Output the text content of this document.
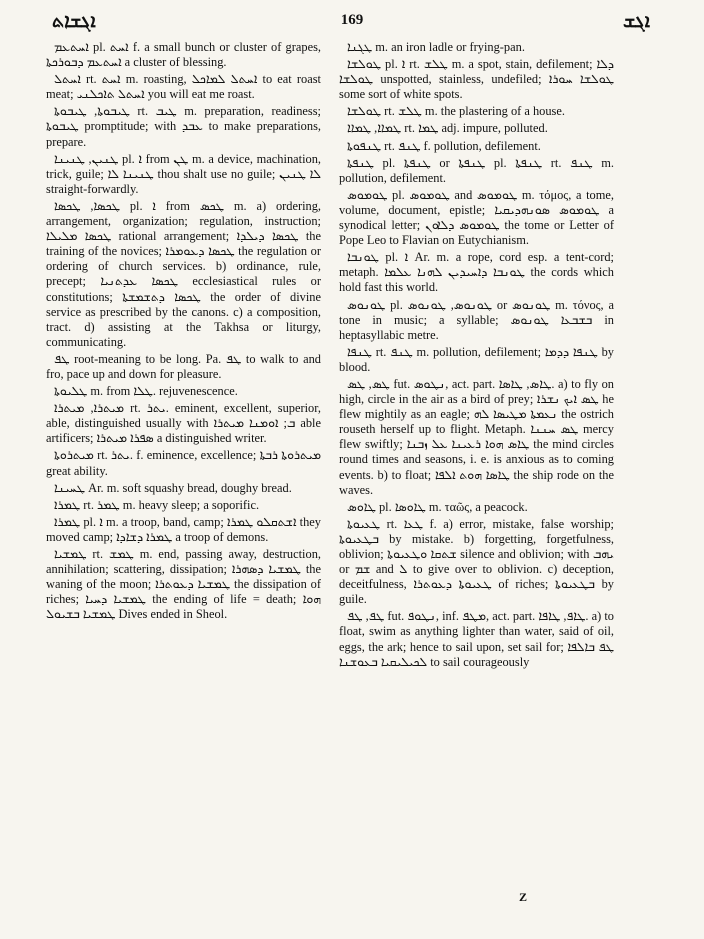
ܐܓܫܐܬ	169	ܐܓܫ

ܐܚܬܥܡ pl. ܐܚܬ f. a small bunch or cluster of grapes, ܐܚܬܥܡ ܕܒܘܪܟܬܐ a cluster of blessing.

ܐܚܬܠ rt. ܐܚܬ m. roasting, ܐܚܬܠ ܠܡܐܟܠ to eat roast meat; ܐܚܬܠ ܬܐܟܠܢܝ you will eat me roast.

ܛܝܒܘܬܐ, ܛܝܒܘܬܐ rt. ܛܝܒ m. preparation, readiness; ܛܝܒܘܬܐ promptitude; with ܥܒܕ to make preparations, prepare.

ܛܢܝܢ, ܛܢܝܢܐ pl. ܐ from ܛܢ m. a device, machination, trick, guile; ܛܢܝܢܐ ܠܐ thou shalt use no guile; ܠܐ ܛܢܝܢ straight-forwardly.

ܛܟܣܐ, ܛܟܣܐ pl. ܐ from ܛܟܣ m. a) ordering, arrangement, organization; regulation, instruction; ܛܟܣܐ ܡܠܝܠܐ rational arrangement; ܛܟܣܐ ܕܝܠܕܐ the training of the novices; ܛܟܣܐ ܕܥܘܡܪܐ the regulation or ordering of church services. b) ordinance, rule, precept; ܛܟܣܐ ܥܕܬܢܝܐ ecclesiastical rules or constitutions; ܛܟܣܐ ܕܬܫܡܫܬܐ the order of divine service as prescribed by the canons. c) a composition, tract. d) assisting at the Takhsa or liturgy, communicating.

ܛܦ root-meaning to be long. Pa. ܛܦ to walk to and fro, pace up and down for pleasure.

ܛܠܝܘܬܐ m. from ܛܠܐ. rejuvenescence.

ܡܝܬܪܐ, ܡܝܬܪܐ rt. ܝܬܪ. eminent, excellent, superior, able, distinguished usually with ܒ; ܐܘܡܢܐ ܡܝܬܪܐ able artificers; ܣܦܪܐ ܡܝܬܪܐ a distinguished writer.

ܡܝܬܪܘܬܐ rt. ܝܬܪ. f. eminence, excellence; ܡܝܬܪܘܬܐ ܪܒܬܐ great ability.

ܛܚܝܢܐ Ar. m. soft squashy bread, doughy bread.

ܛܡܪܐ rt. ܛܡܪ m. heavy sleep; a soporific.

ܛܡܪܐ pl. ܐ m. a troop, band, camp; ܐܫܬܩܠܘ ܛܡܪܐ they moved camp; ܛܡܪܐ ܕܫܐܕܐ a troop of demons.

ܛܡܫܝܐ rt. ܛܡܫ m. end, passing away, destruction, annihilation; scattering, dissipation; ܛܡܫܝܐ ܕܣܗܪܐ the waning of the moon; ܛܡܫܝܐ ܕܥܘܬܪܐ the dissipation of riches; ܛܡܫܝܐ ܕܚܝܐ the ending of life = death; ܗܘܐ ܛܡܫܝܐ ܒܫܝܘܠ Dives ended in Sheol.

ܛܓܢܐ m. an iron ladle or frying-pan.

ܛܘܠܫܐ pl. ܐ rt. ܛܠܫ m. a spot, stain, defilement; ܕܠܐ ܛܘܠܫܐ unspotted, stainless, undefiled; ܛܘܠܫܐ ܚܘܪܐ some sort of white spots.

ܛܘܠܫܐ rt. ܛܠܫ m. the plastering of a house.

ܛܡܐܐ, ܛܡܐܐ rt. ܛܡܐ adj. impure, polluted.

ܛܢܦܘܬܐ rt. ܛܢܦ f. pollution, defilement.

ܛܢܦܬܐ pl. ܛܢܦܬܐ or ܛܢܦܬܐ pl. ܛܢܦܬܐ rt. ܛܢܦ m. pollution, defilement.

ܛܘܡܘܣ pl. ܛܘܡܘܣ and ܛܘܡܘܣ m. τόμος, a tome, volume, document, epistle; ܛܘܡܘܣ ܣܘܢܗܕܝܩܝܐ a synodical letter; ܛܘܡܘܣ ܕܠܐܘܢ the tome or Letter of Pope Leo to Flavian on Eutychianism.

ܛܘܢܒܐ pl. ܐ Ar. m. a rope, cord esp. a tent-cord; metaph. ܛܘܢܒܐ ܕܐܚܝܕܝܢ ܠܗܢܐ ܥܠܡܐ the cords which hold fast this world.

ܛܘܢܘܣ pl. ܛܘܢܘܣ, ܛܘܢܘܣ or ܛܘܢܘܣ m. τόνος, a tone in music; a syllable; ܒܫܒܥܐ ܛܘܢܘܣ in heptasyllabic metre.

ܛܢܦܐ rt. ܛܢܦ m. pollution, defilement; ܛܢܦܐ ܕܕܡܐ by blood.

ܛܣ, ܛܣ fut. ܢܛܘܣ, act. part. ܛܐܣ, ܛܐܣܐ. a) to fly on high, circle in the air as a bird of prey; ܛܣ ܐܝܟ ܢܫܪܐ he flew mightily as an eagle; ܢܥܡܬܐ ܡܛܝܣܐ ܠܗ the ostrich rouseth herself up to flight. Metaph. ܛܣ ܚܢܢܐ mercy flew swiftly; ܛܐܣ ܗܘܐ ܪܥܝܢܐ ܥܠ ܙܒܢܐ the mind circles round times and seasons, i. e. is anxious as to coming events. b) to float; ܛܐܣܐ ܗܘܬ ܐܠܦܐ the ship rode on the waves.

ܛܐܘܣ pl. ܛܐܘܣܐ m. ταῶς, a peacock.

ܛܥܝܘܬܐ rt. ܛܥܐ f. a) error, mistake, false worship; ܒܛܥܝܘܬܐ by mistake. b) forgetting, forgetfulness, oblivion; ܫܬܩܐ ܘܛܥܝܘܬܐ silence and oblivion; with ܝܗܒ or ܫܡ and ܠ to give over to oblivion. c) deception, deceitfulness, ܛܥܝܘܬܐ ܕܥܘܬܪܐ of riches; ܒܛܥܝܘܬܐ by guile.

ܛܦ, ܛܦ fut. ܢܛܘܦ, inf. ܡܛܦ, act. part. ܛܐܦ, ܛܐܦܐ. a) to float, swim as anything lighter than water, said of oil, eggs, the ark; hence to sail upon, set sail for; ܛܦ ܒܐܠܦܐ ܠܟܝܠܝܩܝܐ ܒܥܘܫܢܐ to sail courageously

Z
